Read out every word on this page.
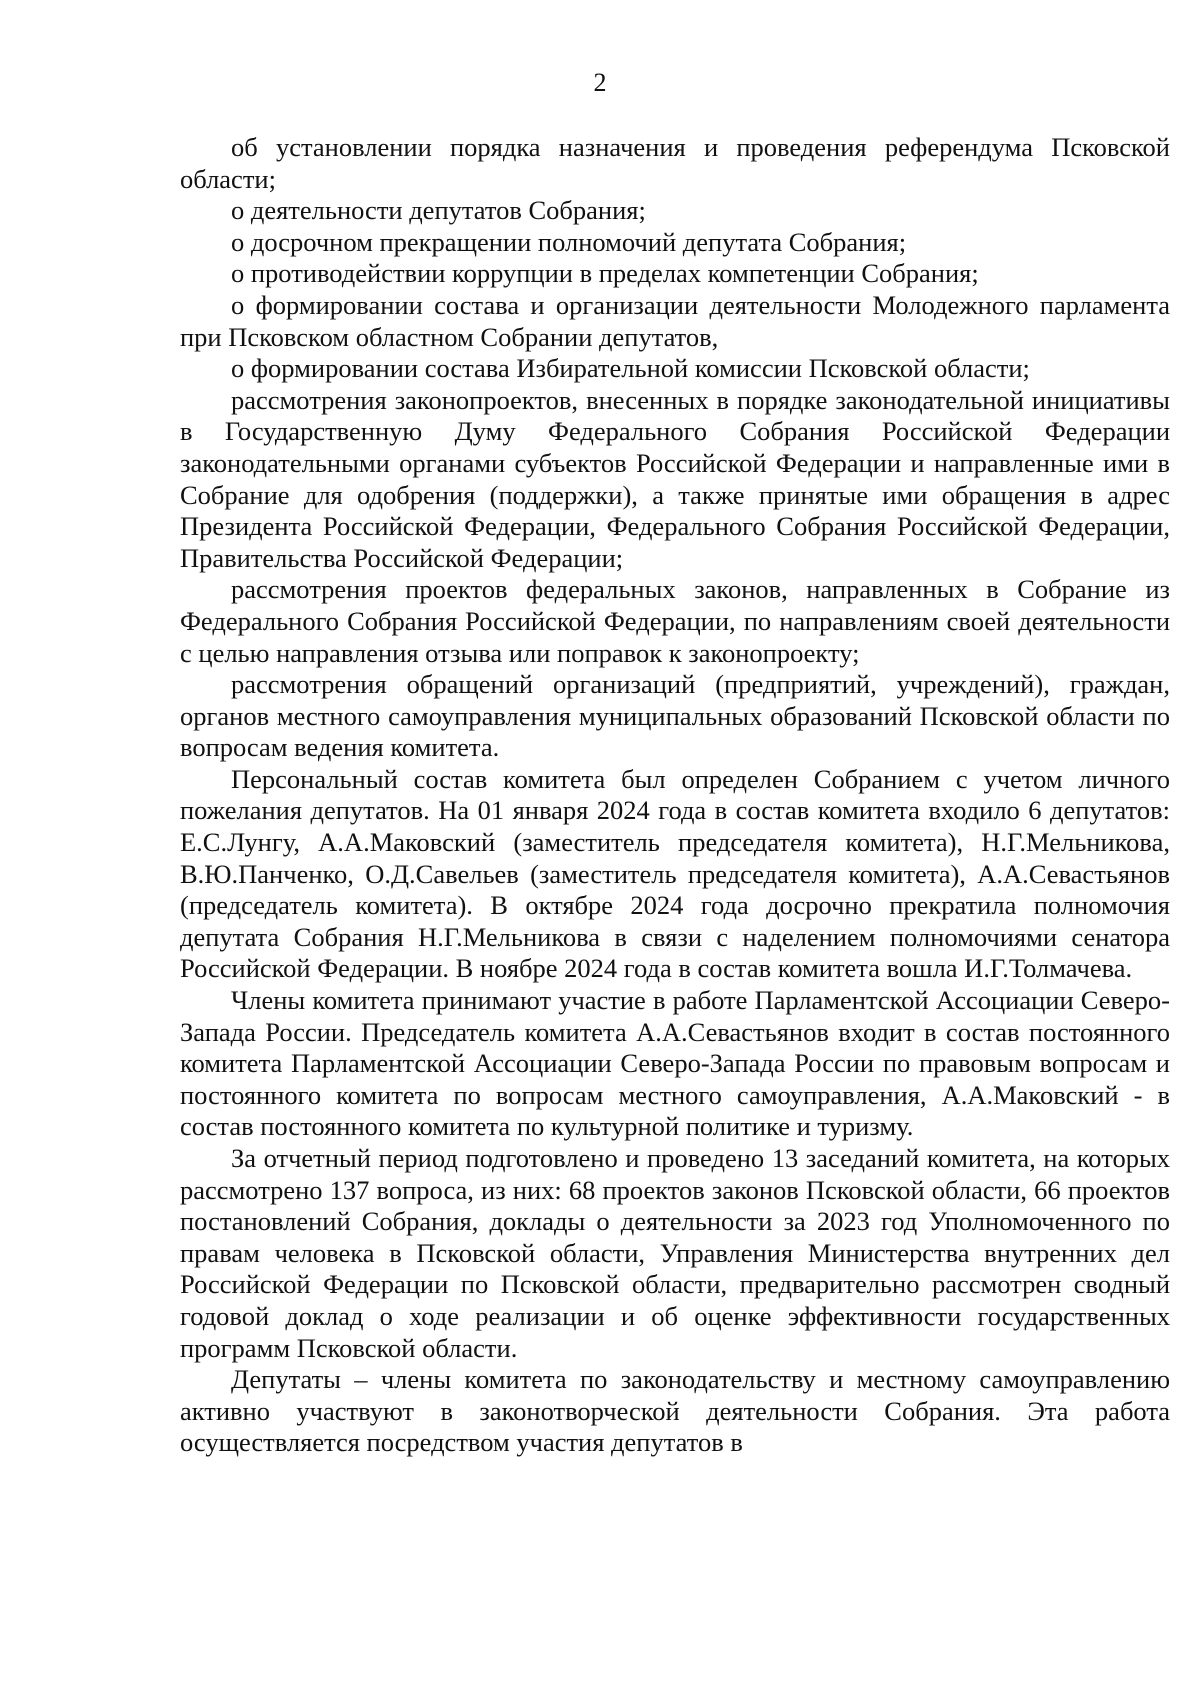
2

об установлении порядка назначения и проведения референдума Псковской области;

о деятельности депутатов Собрания;

о досрочном прекращении полномочий депутата Собрания;

о противодействии коррупции в пределах компетенции Собрания;

о формировании состава и организации деятельности Молодежного парламента при Псковском областном Собрании депутатов,

о формировании состава Избирательной комиссии Псковской области;

рассмотрения законопроектов, внесенных в порядке законодательной инициативы в Государственную Думу Федерального Собрания Российской Федерации законодательными органами субъектов Российской Федерации и направленные ими в Собрание для одобрения (поддержки), а также принятые ими обращения в адрес Президента Российской Федерации, Федерального Собрания Российской Федерации, Правительства Российской Федерации;

рассмотрения проектов федеральных законов, направленных в Собрание из Федерального Собрания Российской Федерации, по направлениям своей деятельности с целью направления отзыва или поправок к законопроекту;

рассмотрения обращений организаций (предприятий, учреждений), граждан, органов местного самоуправления муниципальных образований Псковской области по вопросам ведения комитета.

Персональный состав комитета был определен Собранием с учетом личного пожелания депутатов. На 01 января 2024 года в состав комитета входило 6 депутатов: Е.С.Лунгу, А.А.Маковский (заместитель председателя комитета), Н.Г.Мельникова, В.Ю.Панченко, О.Д.Савельев (заместитель председателя комитета), А.А.Севастьянов (председатель комитета). В октябре 2024 года досрочно прекратила полномочия депутата Собрания Н.Г.Мельникова в связи с наделением полномочиями сенатора Российской Федерации. В ноябре 2024 года в состав комитета вошла И.Г.Толмачева.

Члены комитета принимают участие в работе Парламентской Ассоциации Северо-Запада России. Председатель комитета А.А.Севастьянов входит в состав постоянного комитета Парламентской Ассоциации Северо-Запада России по правовым вопросам и постоянного комитета по вопросам местного самоуправления, А.А.Маковский - в состав постоянного комитета по культурной политике и туризму.

За отчетный период подготовлено и проведено 13 заседаний комитета, на которых рассмотрено 137 вопроса, из них: 68 проектов законов Псковской области, 66 проектов постановлений Собрания, доклады о деятельности за 2023 год Уполномоченного по правам человека в Псковской области, Управления Министерства внутренних дел Российской Федерации по Псковской области, предварительно рассмотрен сводный годовой доклад о ходе реализации и об оценке эффективности государственных программ Псковской области.

Депутаты – члены комитета по законодательству и местному самоуправлению активно участвуют в законотворческой деятельности Собрания. Эта работа осуществляется посредством участия депутатов в
